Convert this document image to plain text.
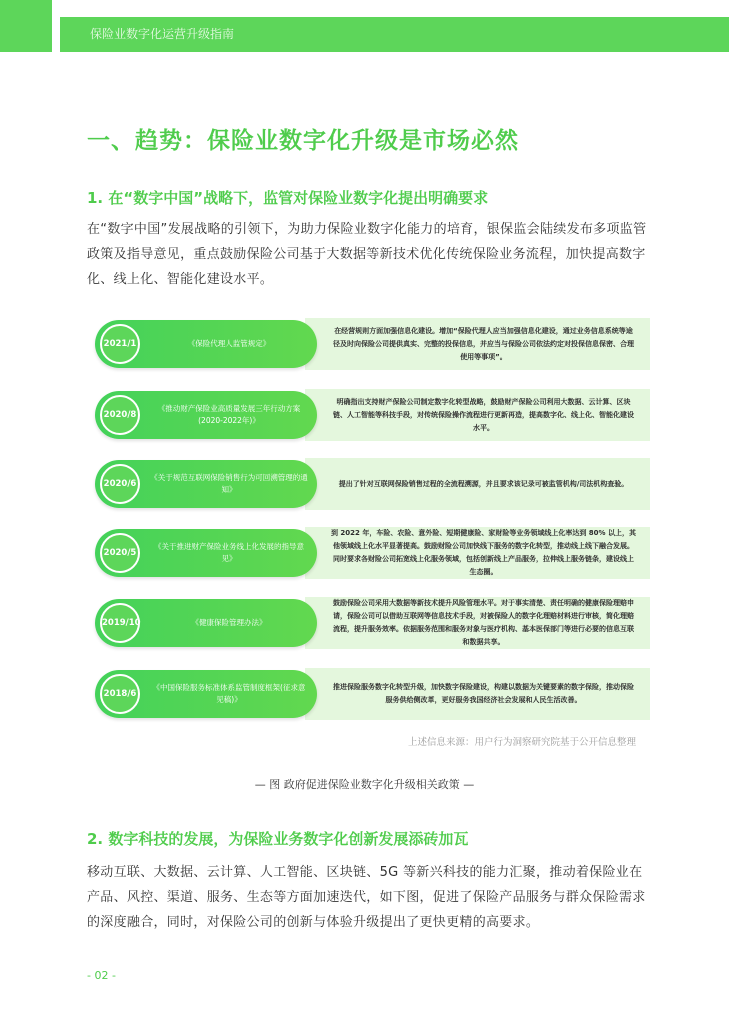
保险业数字化运营升级指南
一、趋势：保险业数字化升级是市场必然
1. 在“数字中国”战略下，监管对保险业数字化提出明确要求
在“数字中国”发展战略的引领下，为助力保险业数字化能力的培育，银保监会陆续发布多项监管政策及指导意见，重点鼓励保险公司基于大数据等新技术优化传统保险业务流程，加快提高数字化、线上化、智能化建设水平。
在经营规则方面加强信息化建设。增加“保险代理人应当加强信息化建设，通过业务信息系统等途径及时向保险公司提供真实、完整的投保信息，并应当与保险公司依法约定对投保信息保密、合理使用等事项”。
2021/1	《保险代理人监管规定》
明确指出支持财产保险公司制定数字化转型战略，鼓励财产保险公司利用大数据、云计算、区块链、人工智能等科技手段，对传统保险操作流程进行更新再造，提高数字化、线上化、智能化建设水平。
2020/8
《推动财产保险业高质量发展三年行动方案(2020-2022年)》
提出了针对互联网保险销售过程的全流程溯源，并且要求该记录可被监管机构/司法机构查验。
2020/6
《关于规范互联网保险销售行为可回溯管理的通知》
到 2022 年，车险、农险、意外险、短期健康险、家财险等业务领域线上化率达到 80% 以上，其他领域线上化水平显著提高。鼓励财险公司加快线下服务的数字化转型，推动线上线下融合发展。同时要求各财险公司拓宽线上化服务领域，包括创新线上产品服务，拉伸线上服务链条，建设线上生态圈。
2020/5
《关于推进财产保险业务线上化发展的指导意见》
鼓励保险公司采用大数据等新技术提升风险管理水平。对于事实清楚、责任明确的健康保险理赔申请，保险公司可以借助互联网等信息技术手段，对被保险人的数字化理赔材料进行审核，简化理赔流程，提升服务效率。依据服务范围和服务对象与医疗机构、基本医保部门等进行必要的信息互联和数据共享。
2019/10	《健康保险管理办法》
推进保险服务数字化转型升级，加快数字保险建设，构建以数据为关键要素的数字保险，推动保险服务供给侧改革，更好服务我国经济社会发展和人民生活改善。
2018/6
《中国保险服务标准体系监管制度框架(征求意见稿)》
上述信息来源：用户行为洞察研究院基于公开信息整理
— 图 政府促进保险业数字化升级相关政策 —
2. 数字科技的发展，为保险业务数字化创新发展添砖加瓦
移动互联、大数据、云计算、人工智能、区块链、5G 等新兴科技的能力汇聚，推动着保险业在产品、风控、渠道、服务、生态等方面加速迭代，如下图，促进了保险产品服务与群众保险需求的深度融合，同时，对保险公司的创新与体验升级提出了更快更精的高要求。
- 02 -
